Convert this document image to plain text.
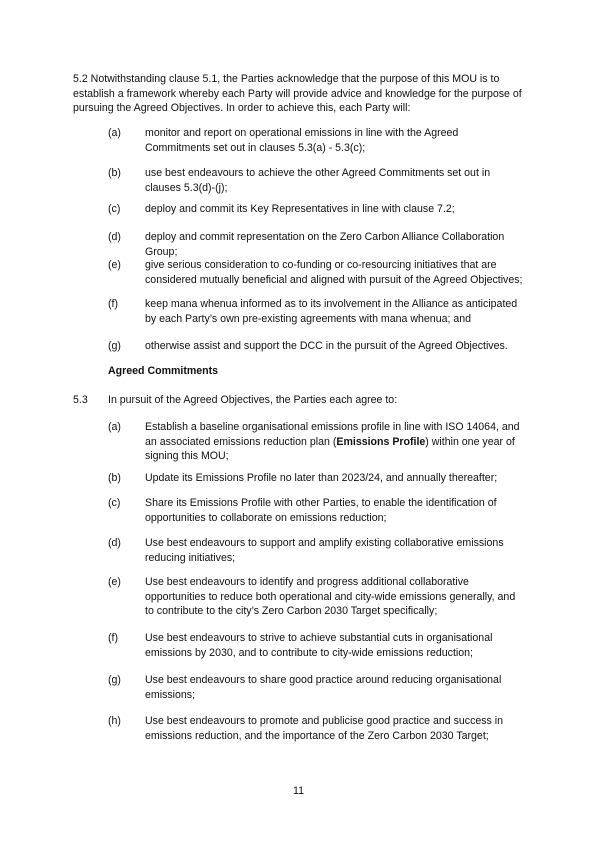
5.2 Notwithstanding clause 5.1, the Parties acknowledge that the purpose of this MOU is to establish a framework whereby each Party will provide advice and knowledge for the purpose of pursuing the Agreed Objectives. In order to achieve this, each Party will:
(a) monitor and report on operational emissions in line with the Agreed Commitments set out in clauses 5.3(a) - 5.3(c);
(b) use best endeavours to achieve the other Agreed Commitments set out in clauses 5.3(d)-(j);
(c) deploy and commit its Key Representatives in line with clause 7.2;
(d) deploy and commit representation on the Zero Carbon Alliance Collaboration Group;
(e) give serious consideration to co-funding or co-resourcing initiatives that are considered mutually beneficial and aligned with pursuit of the Agreed Objectives;
(f)	keep mana whenua informed as to its involvement in the Alliance as anticipated by each Party’s own pre-existing agreements with mana whenua; and
(g) otherwise assist and support the DCC in the pursuit of the Agreed Objectives.
Agreed Commitments
5.3 In pursuit of the Agreed Objectives, the Parties each agree to:
(a) Establish a baseline organisational emissions profile in line with ISO 14064, and an associated emissions reduction plan (Emissions Profile) within one year of signing this MOU;
(b) Update its Emissions Profile no later than 2023/24, and annually thereafter;
(c) Share its Emissions Profile with other Parties, to enable the identification of opportunities to collaborate on emissions reduction;
(d) Use best endeavours to support and amplify existing collaborative emissions reducing initiatives;
(e) Use best endeavours to identify and progress additional collaborative opportunities to reduce both operational and city-wide emissions generally, and to contribute to the city’s Zero Carbon 2030 Target specifically;
(f)	Use best endeavours to strive to achieve substantial cuts in organisational emissions by 2030, and to contribute to city-wide emissions reduction;
(g) Use best endeavours to share good practice around reducing organisational emissions;
(h) Use best endeavours to promote and publicise good practice and success in emissions reduction, and the importance of the Zero Carbon 2030 Target;
11
